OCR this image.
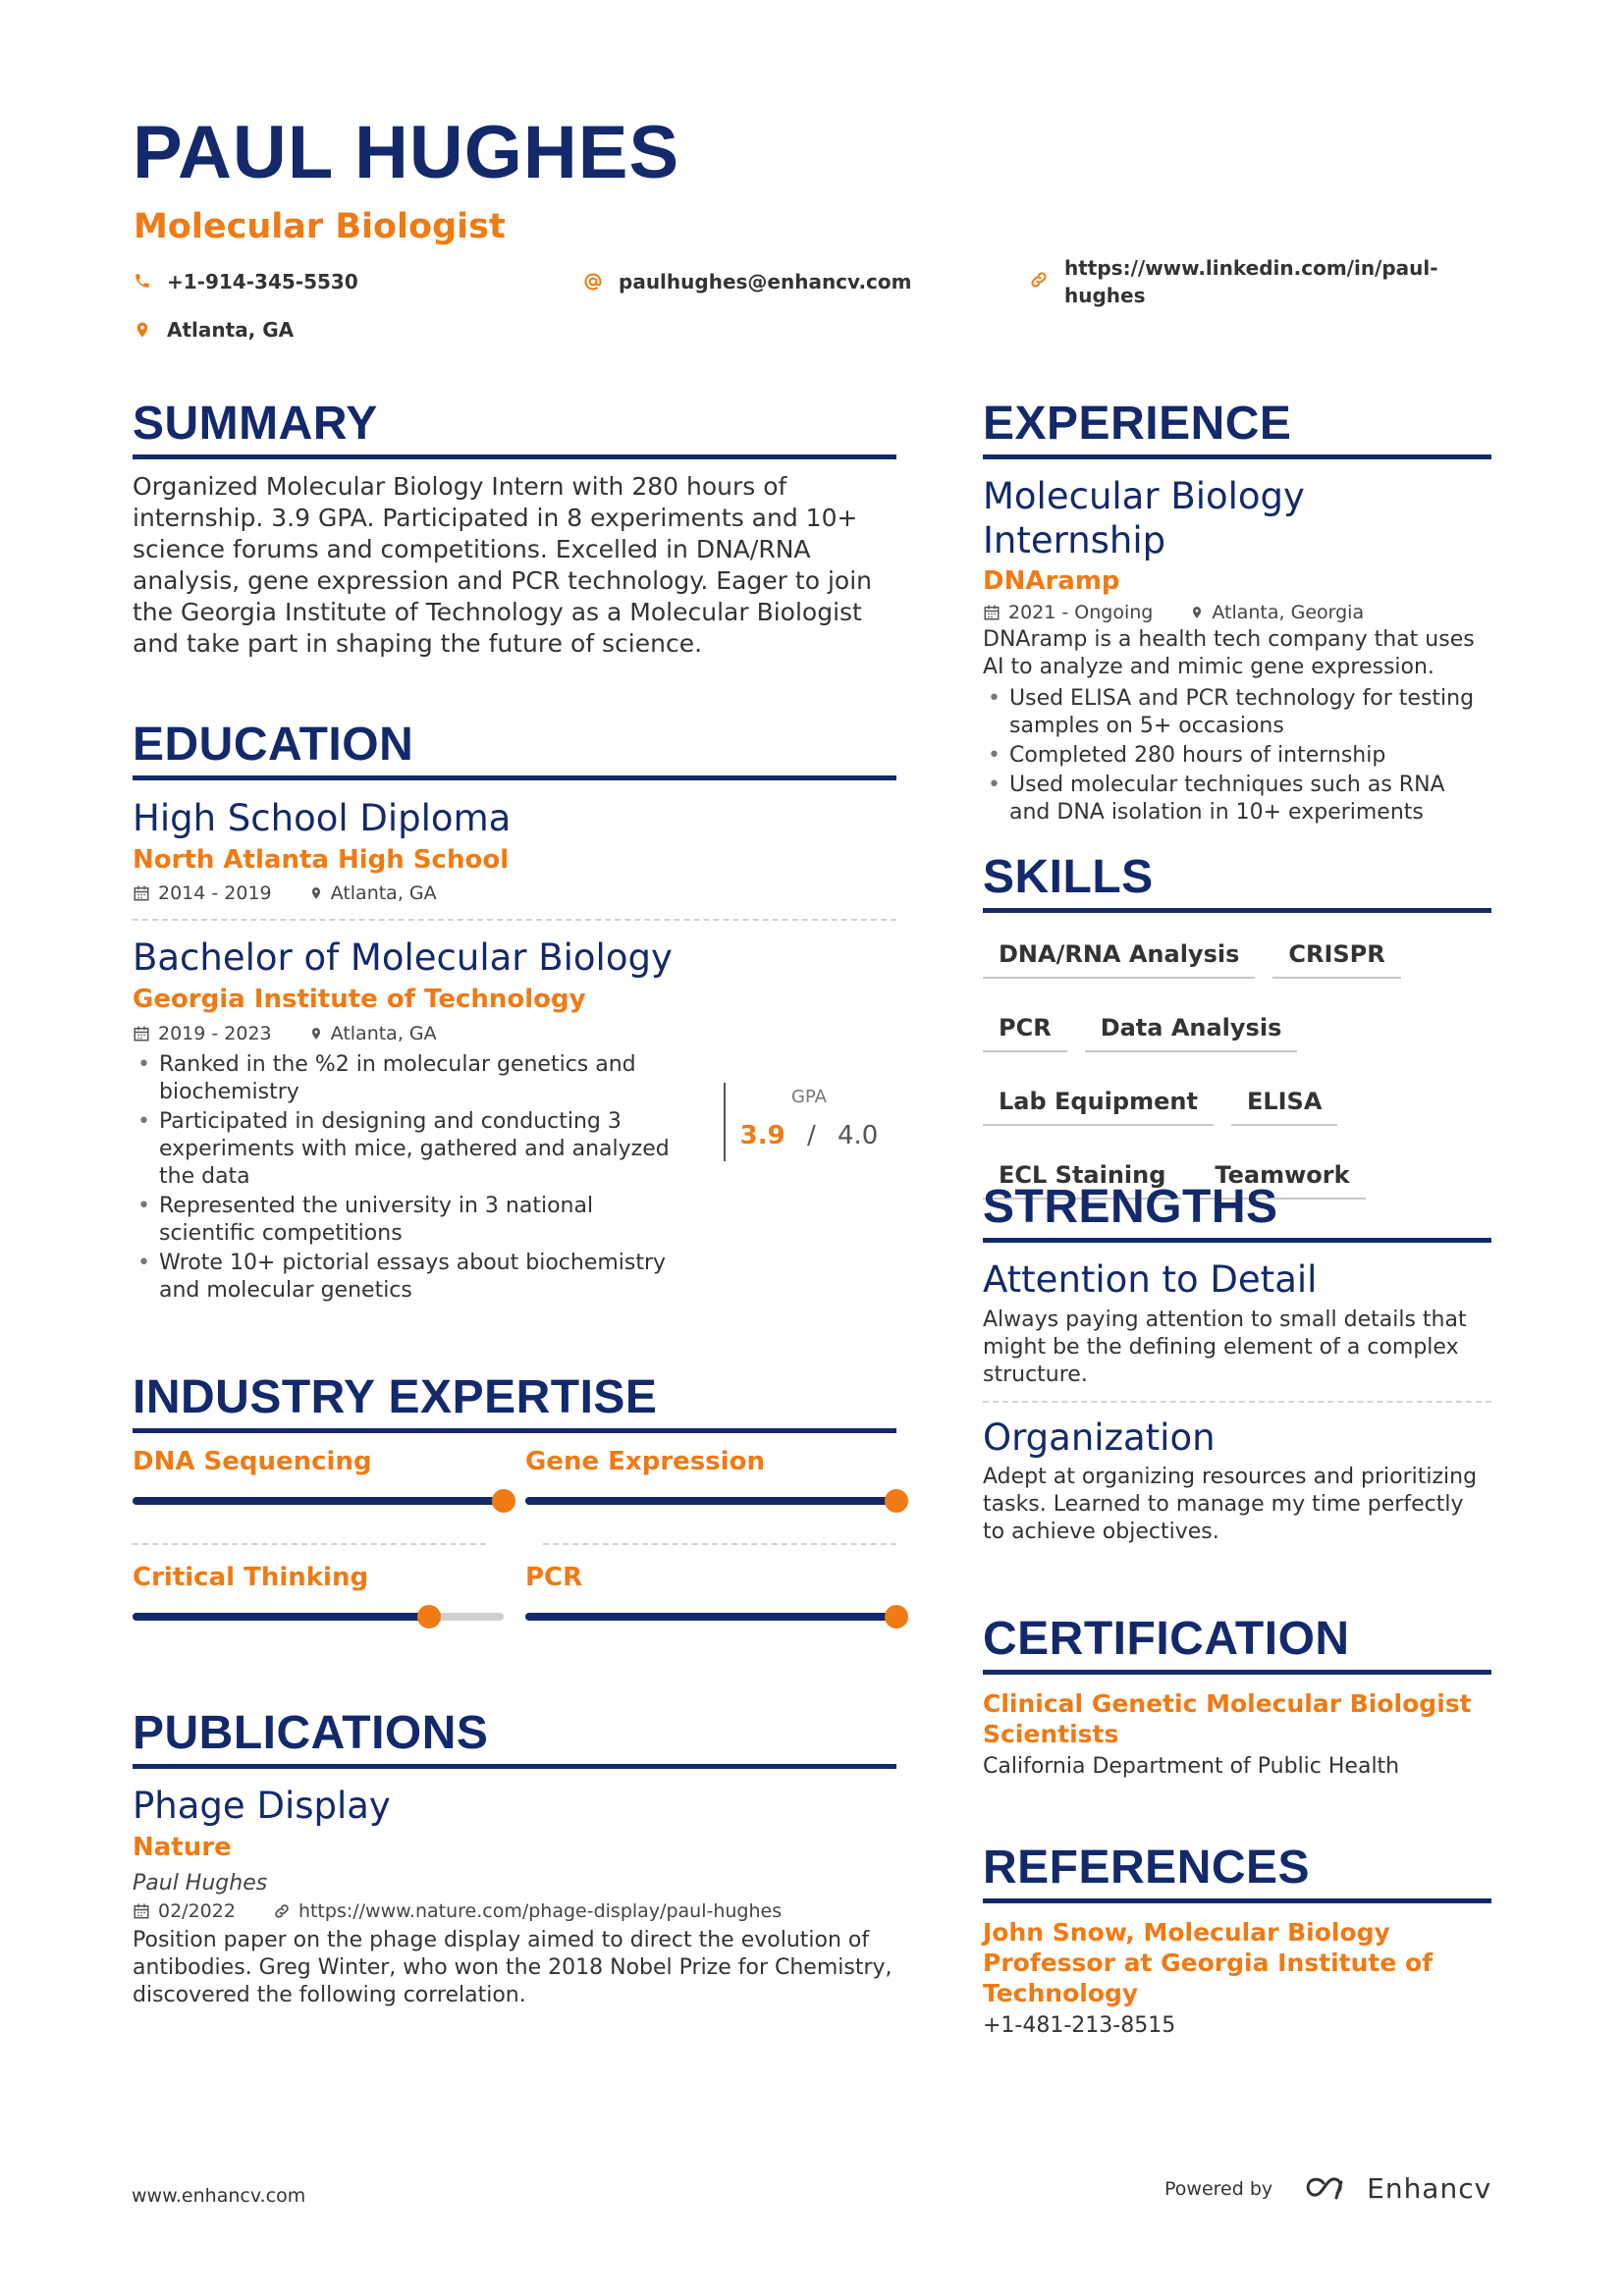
PAUL HUGHES
Molecular Biologist
+1-914-345-5530	paulhughes@enhancv.com
https://www.linkedin.com/in/paul-
hughes
Atlanta, GA
SUMMARY

Organized Molecular Biology Intern with 280 hours of internship. 3.9 GPA. Participated in 8 experiments and 10+ science forums and competitions. Excelled in DNA/RNA analysis, gene expression and PCR technology. Eager to join the Georgia Institute of Technology as a Molecular Biologist and take part in shaping the future of science.

EDUCATION

High School Diploma

North Atlanta High School

2014 - 2019	Atlanta, GA

Bachelor of Molecular Biology

Georgia Institute of Technology

2019 - 2023	Atlanta, GA
• Ranked in the %2 in molecular genetics and biochemistry
• Participated in designing and conducting 3 experiments with mice, gathered and analyzed the data
• Represented the university in 3 national scientific competitions
• Wrote 10+ pictorial essays about biochemistry and molecular genetics
GPA
3.9 / 4.0
INDUSTRY EXPERTISE
DNA Sequencing	Gene Expression
Critical Thinking	PCR
PUBLICATIONS

Phage Display

Nature

Paul Hughes

02/2022	https://www.nature.com/phage-display/paul-hughes

Position paper on the phage display aimed to direct the evolution of antibodies. Greg Winter, who won the 2018 Nobel Prize for Chemistry, discovered the following correlation.

EXPERIENCE

Molecular Biology Internship

DNAramp

2021 - Ongoing	Atlanta, Georgia

DNAramp is a health tech company that uses AI to analyze and mimic gene expression.

• Used ELISA and PCR technology for testing samples on 5+ occasions
• Completed 280 hours of internship
• Used molecular techniques such as RNA and DNA isolation in 10+ experiments
SKILLS
DNA/RNA Analysis	CRISPR
PCR	Data Analysis
Lab Equipment	ELISA
ECL Staining	Teamwork
STRENGTHS

Attention to Detail

Always paying attention to small details that might be the defining element of a complex structure.

Organization

Adept at organizing resources and prioritizing tasks. Learned to manage my time perfectly to achieve objectives.

CERTIFICATION

Clinical Genetic Molecular Biologist Scientists

California Department of Public Health

REFERENCES

John Snow, Molecular Biology Professor at Georgia Institute of Technology

+1-481-213-8515

www.enhancv.com	Powered by	Enhancv
